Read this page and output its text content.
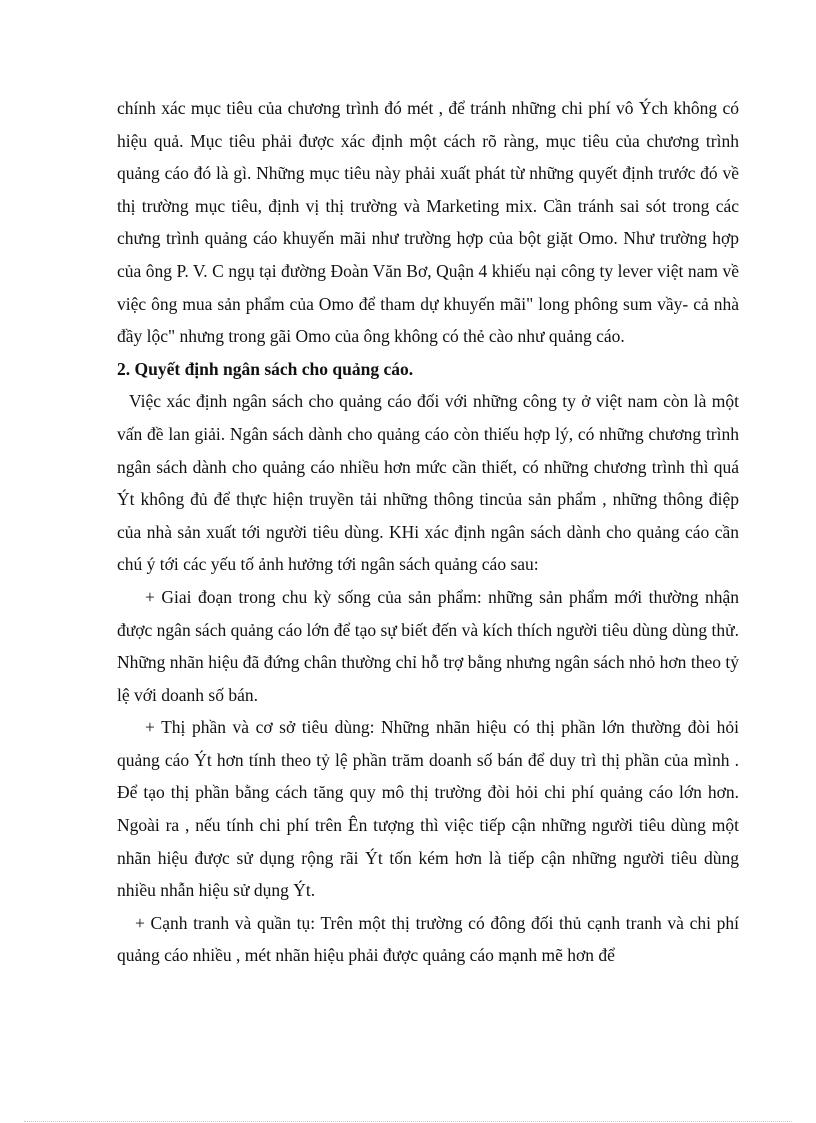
chính xác mục tiêu của chương trình đó mét , để tránh những chi phí vô Ých không có hiệu quả. Mục tiêu phải được xác định một cách rõ ràng, mục tiêu của chương trình quảng cáo đó là gì. Những mục tiêu này phải xuất phát từ những quyết định trước đó về thị trường mục tiêu, định vị thị trường và Marketing mix. Cần tránh sai sót trong các chưng trình quảng cáo khuyến mãi như trường hợp của bột giặt Omo. Như trường hợp của ông P. V. C ngụ tại đường Đoàn Văn Bơ, Quận 4 khiếu nại công ty lever việt nam về việc ông mua sản phẩm của Omo để tham dự khuyến mãi" long phông sum vầy- cả nhà đầy lộc" nhưng trong gãi Omo của ông không có thẻ cào như quảng cáo.

2. Quyết định ngân sách cho quảng cáo.

Việc xác định ngân sách cho quảng cáo đối với những công ty ở việt nam còn là một vấn đề lan giải. Ngân sách dành cho quảng cáo còn thiếu hợp lý, có những chương trình ngân sách dành cho quảng cáo nhiều hơn mức cần thiết, có những chương trình thì quá Ýt không đủ để thực hiện truyền tải những thông tincủa sản phẩm , những thông điệp của nhà sản xuất tới người tiêu dùng. KHi xác định ngân sách dành cho quảng cáo cần chú ý tới các yếu tố ảnh hưởng tới ngân sách quảng cáo sau:

+ Giai đoạn trong chu kỳ sống của sản phẩm: những sản phẩm mới thường nhận được ngân sách quảng cáo lớn để tạo sự biết đến và kích thích người tiêu dùng dùng thử. Những nhãn hiệu đã đứng chân thường chỉ hỗ trợ bằng nhưng ngân sách nhỏ hơn theo tỷ lệ với doanh số bán.

+ Thị phần và cơ sở tiêu dùng: Những nhãn hiệu có thị phần lớn thường đòi hỏi quảng cáo Ýt hơn tính theo tỷ lệ phần trăm doanh số bán để duy trì thị phần của mình . Để tạo thị phần bằng cách tăng quy mô thị trường đòi hỏi chi phí quảng cáo lớn hơn. Ngoài ra , nếu tính chi phí trên Ên tượng thì việc tiếp cận những người tiêu dùng một nhãn hiệu được sử dụng rộng rãi Ýt tốn kém hơn là tiếp cận những người tiêu dùng nhiều nhẫn hiệu sử dụng Ýt.

+ Cạnh tranh và quần tụ: Trên một thị trường có đông đối thủ cạnh tranh và chi phí quảng cáo nhiều , mét nhãn hiệu phải được quảng cáo mạnh mẽ hơn để
